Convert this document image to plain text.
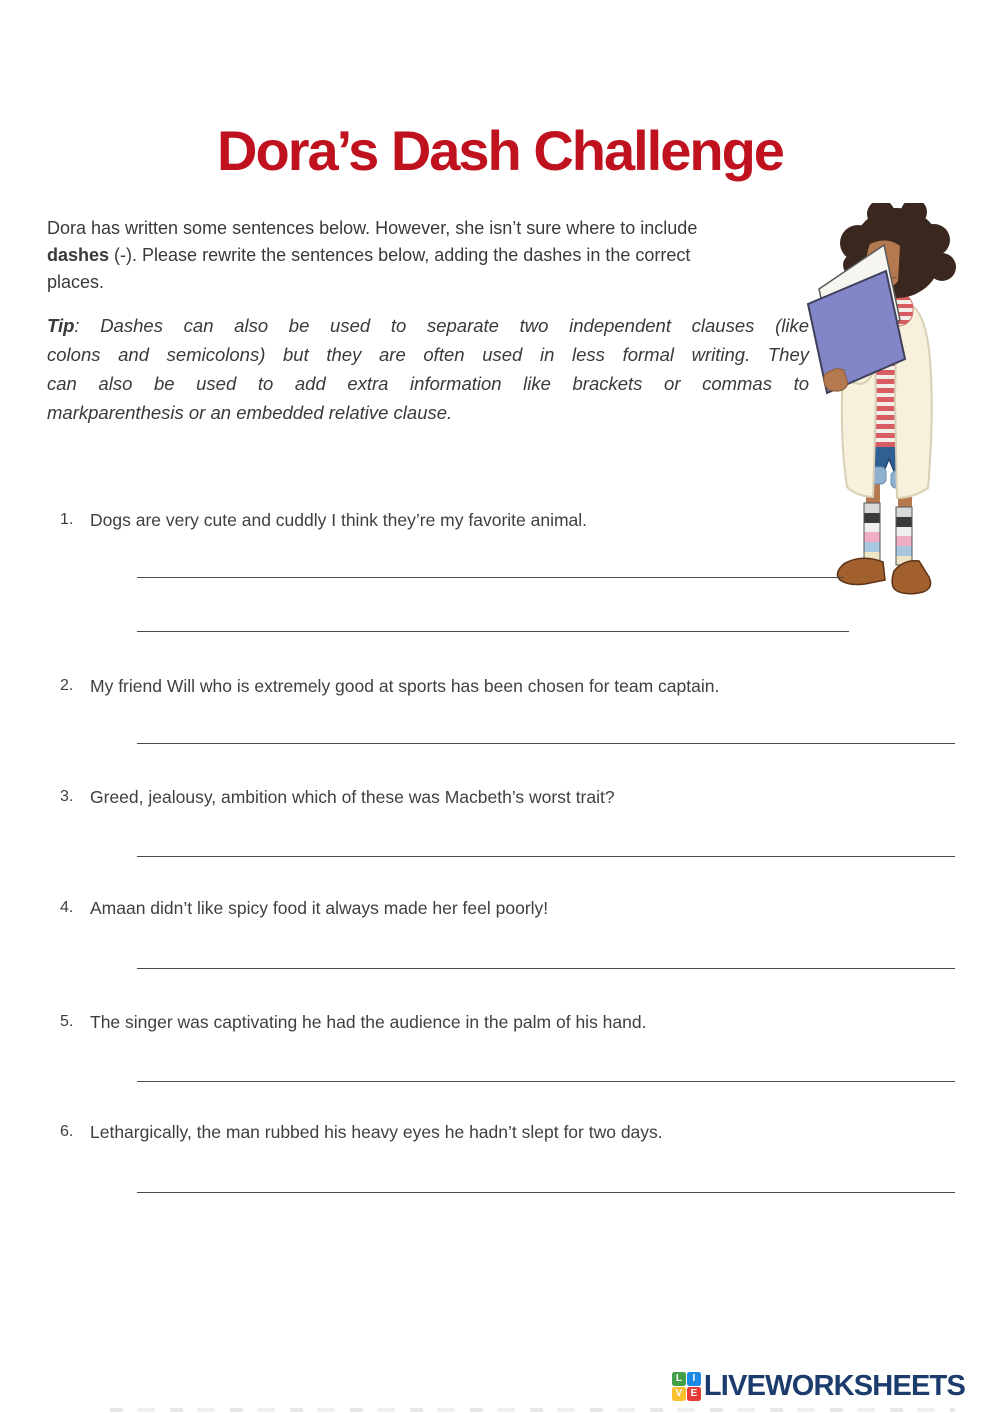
Dora’s Dash Challenge
Dora has written some sentences below. However, she isn’t sure where to include
dashes (-). Please rewrite the sentences below, adding the dashes in the correct
places.
Tip: Dashes can also be used to separate two independent clauses (like
colons and semicolons) but they are often used in less formal writing. They
can also be used to add extra information like brackets or commas to
markparenthesis or an embedded relative clause.
1. Dogs are very cute and cuddly I think they’re my favorite animal.
2. My friend Will who is extremely good at sports has been chosen for team captain.
3. Greed, jealousy, ambition which of these was Macbeth’s worst trait?
4. Amaan didn’t like spicy food it always made her feel poorly!
5. The singer was captivating he had the audience in the palm of his hand.
6. Lethargically, the man rubbed his heavy eyes he hadn’t slept for two days.
L	I
V E LIVEWORKSHEETS
